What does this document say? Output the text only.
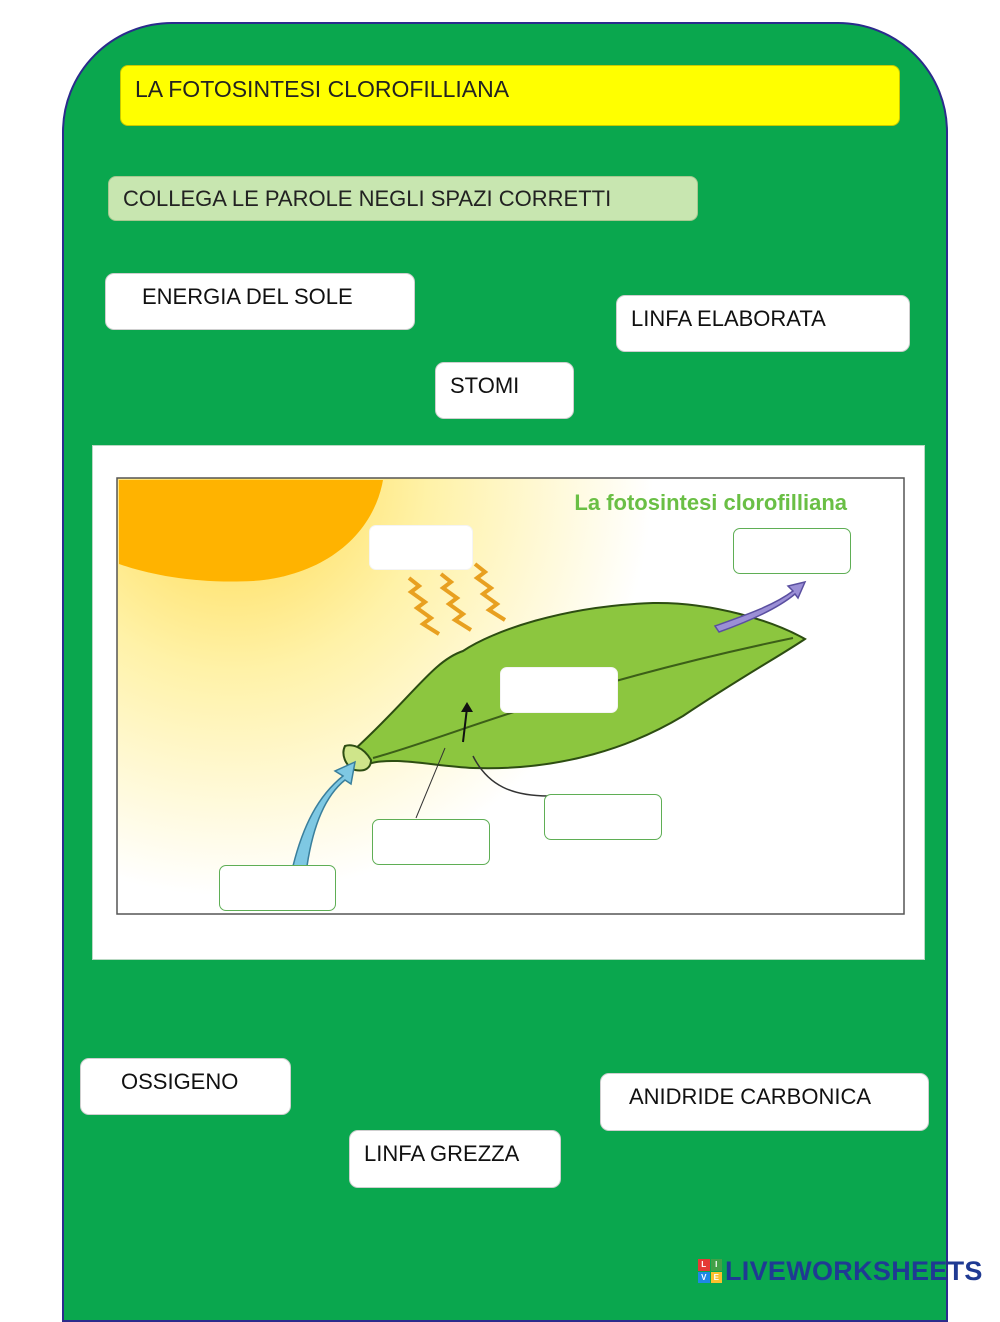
LA FOTOSINTESI CLOROFILLIANA
COLLEGA LE PAROLE NEGLI SPAZI CORRETTI
ENERGIA DEL SOLE
LINFA ELABORATA
STOMI
La fotosintesi clorofilliana
OSSIGENO
ANIDRIDE CARBONICA
LINFA GREZZA
L	I
V E LIVEWORKSHEETS
